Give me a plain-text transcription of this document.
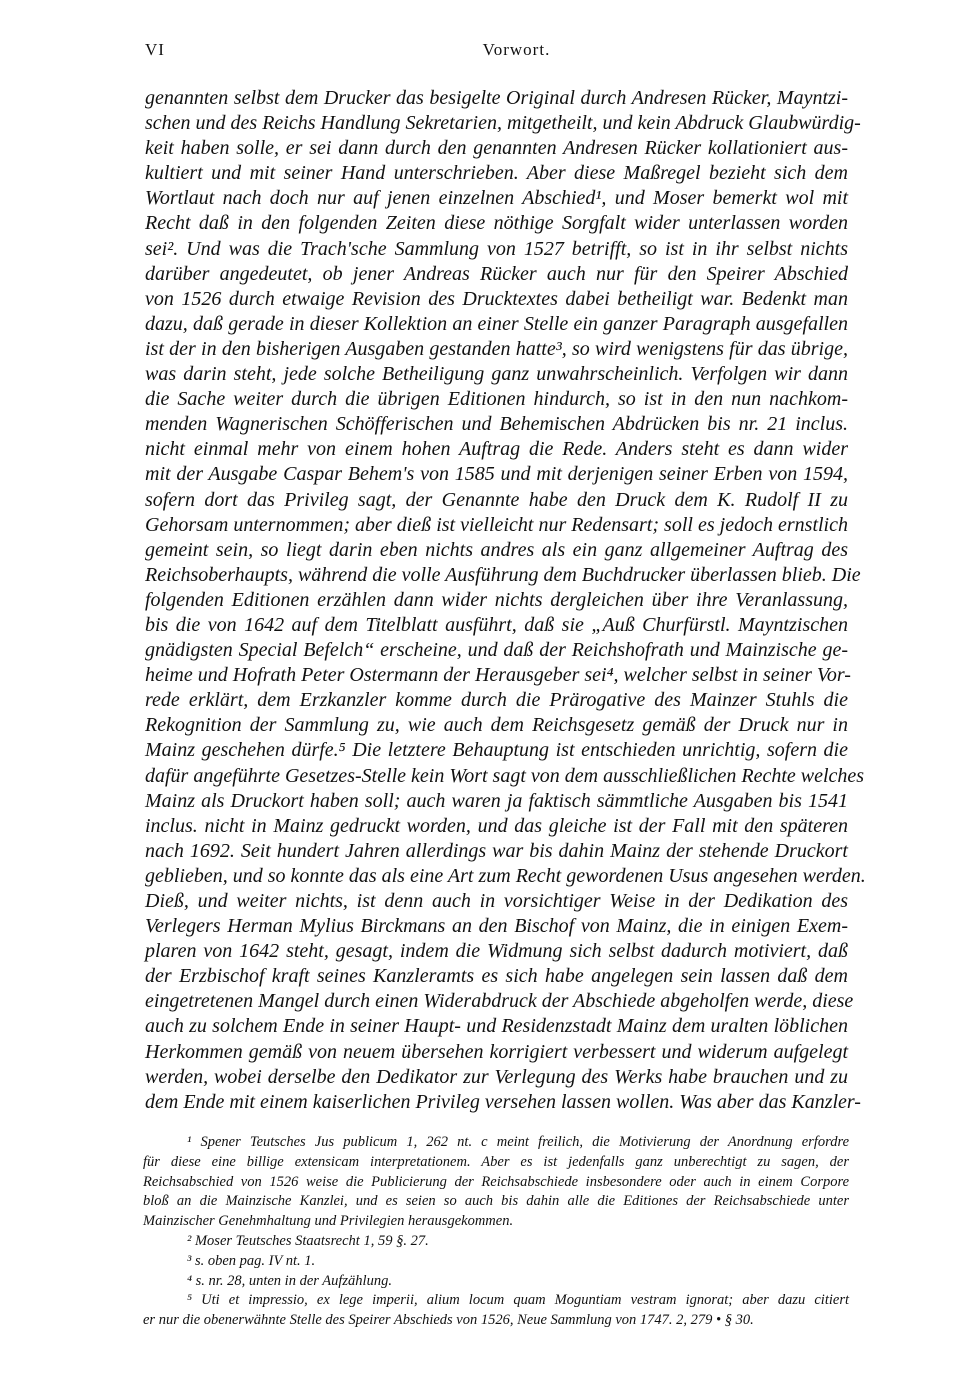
VI	Vorwort.
genannten selbst dem Drucker das besigelte Original durch Andresen Rücker, Mayntzi-
schen und des Reichs Handlung Sekretarien, mitgetheilt, und kein Abdruck Glaubwürdig-
keit haben solle, er sei dann durch den genannten Andresen Rücker kollationiert aus-
kultiert und mit seiner Hand unterschrieben. Aber diese Maßregel bezieht sich dem
Wortlaut nach doch nur auf jenen einzelnen Abschied¹, und Moser bemerkt wol mit
Recht daß in den folgenden Zeiten diese nöthige Sorgfalt wider unterlassen worden
sei². Und was die Trach'sche Sammlung von 1527 betrifft, so ist in ihr selbst nichts
darüber angedeutet, ob jener Andreas Rücker auch nur für den Speirer Abschied
von 1526 durch etwaige Revision des Drucktextes dabei betheiligt war. Bedenkt man
dazu, daß gerade in dieser Kollektion an einer Stelle ein ganzer Paragraph ausgefallen
ist der in den bisherigen Ausgaben gestanden hatte³, so wird wenigstens für das übrige,
was darin steht, jede solche Betheiligung ganz unwahrscheinlich. Verfolgen wir dann
die Sache weiter durch die übrigen Editionen hindurch, so ist in den nun nachkom-
menden Wagnerischen Schöfferischen und Behemischen Abdrücken bis nr. 21 inclus.
nicht einmal mehr von einem hohen Auftrag die Rede. Anders steht es dann wider
mit der Ausgabe Caspar Behem's von 1585 und mit derjenigen seiner Erben von 1594,
sofern dort das Privileg sagt, der Genannte habe den Druck dem K. Rudolf II zu
Gehorsam unternommen; aber dieß ist vielleicht nur Redensart; soll es jedoch ernstlich
gemeint sein, so liegt darin eben nichts andres als ein ganz allgemeiner Auftrag des
Reichsoberhaupts, während die volle Ausführung dem Buchdrucker überlassen blieb. Die
folgenden Editionen erzählen dann wider nichts dergleichen über ihre Veranlassung,
bis die von 1642 auf dem Titelblatt ausführt, daß sie „Auß Churfürstl. Mayntzischen
gnädigsten Special Befelch“ erscheine, und daß der Reichshofrath und Mainzische ge-
heime und Hofrath Peter Ostermann der Herausgeber sei⁴, welcher selbst in seiner Vor-
rede erklärt, dem Erzkanzler komme durch die Prärogative des Mainzer Stuhls die
Rekognition der Sammlung zu, wie auch dem Reichsgesetz gemäß der Druck nur in
Mainz geschehen dürfe.⁵ Die letztere Behauptung ist entschieden unrichtig, sofern die
dafür angeführte Gesetzes-Stelle kein Wort sagt von dem ausschließlichen Rechte welches
Mainz als Druckort haben soll; auch waren ja faktisch sämmtliche Ausgaben bis 1541
inclus. nicht in Mainz gedruckt worden, und das gleiche ist der Fall mit den späteren
nach 1692. Seit hundert Jahren allerdings war bis dahin Mainz der stehende Druckort
geblieben, und so konnte das als eine Art zum Recht gewordenen Usus angesehen werden.
Dieß, und weiter nichts, ist denn auch in vorsichtiger Weise in der Dedikation des
Verlegers Herman Mylius Birckmans an den Bischof von Mainz, die in einigen Exem-
plaren von 1642 steht, gesagt, indem die Widmung sich selbst dadurch motiviert, daß
der Erzbischof kraft seines Kanzleramts es sich habe angelegen sein lassen daß dem
eingetretenen Mangel durch einen Widerabdruck der Abschiede abgeholfen werde, diese
auch zu solchem Ende in seiner Haupt- und Residenzstadt Mainz dem uralten löblichen
Herkommen gemäß von neuem übersehen korrigiert verbessert und widerum aufgelegt
werden, wobei derselbe den Dedikator zur Verlegung des Werks habe brauchen und zu
dem Ende mit einem kaiserlichen Privileg versehen lassen wollen. Was aber das Kanzler-
¹ Spener Teutsches Jus publicum 1, 262 nt. c meint freilich, die Motivierung der Anordnung erfordre
für diese eine billige extensicam interpretationem. Aber es ist jedenfalls ganz unberechtigt zu sagen, der
Reichsabschied von 1526 weise die Publicierung der Reichsabschiede insbesondere oder auch in einem Corpore
bloß an die Mainzische Kanzlei, und es seien so auch bis dahin alle die Editiones der Reichsabschiede unter
Mainzischer Genehmhaltung und Privilegien herausgekommen.
² Moser Teutsches Staatsrecht 1, 59 §. 27.
³ s. oben pag. IV nt. 1.
⁴ s. nr. 28, unten in der Aufzählung.
⁵ Uti et impressio, ex lege imperii, alium locum quam Moguntiam vestram ignorat; aber dazu citiert
er nur die obenerwähnte Stelle des Speirer Abschieds von 1526, Neue Sammlung von 1747. 2, 279 • § 30.
